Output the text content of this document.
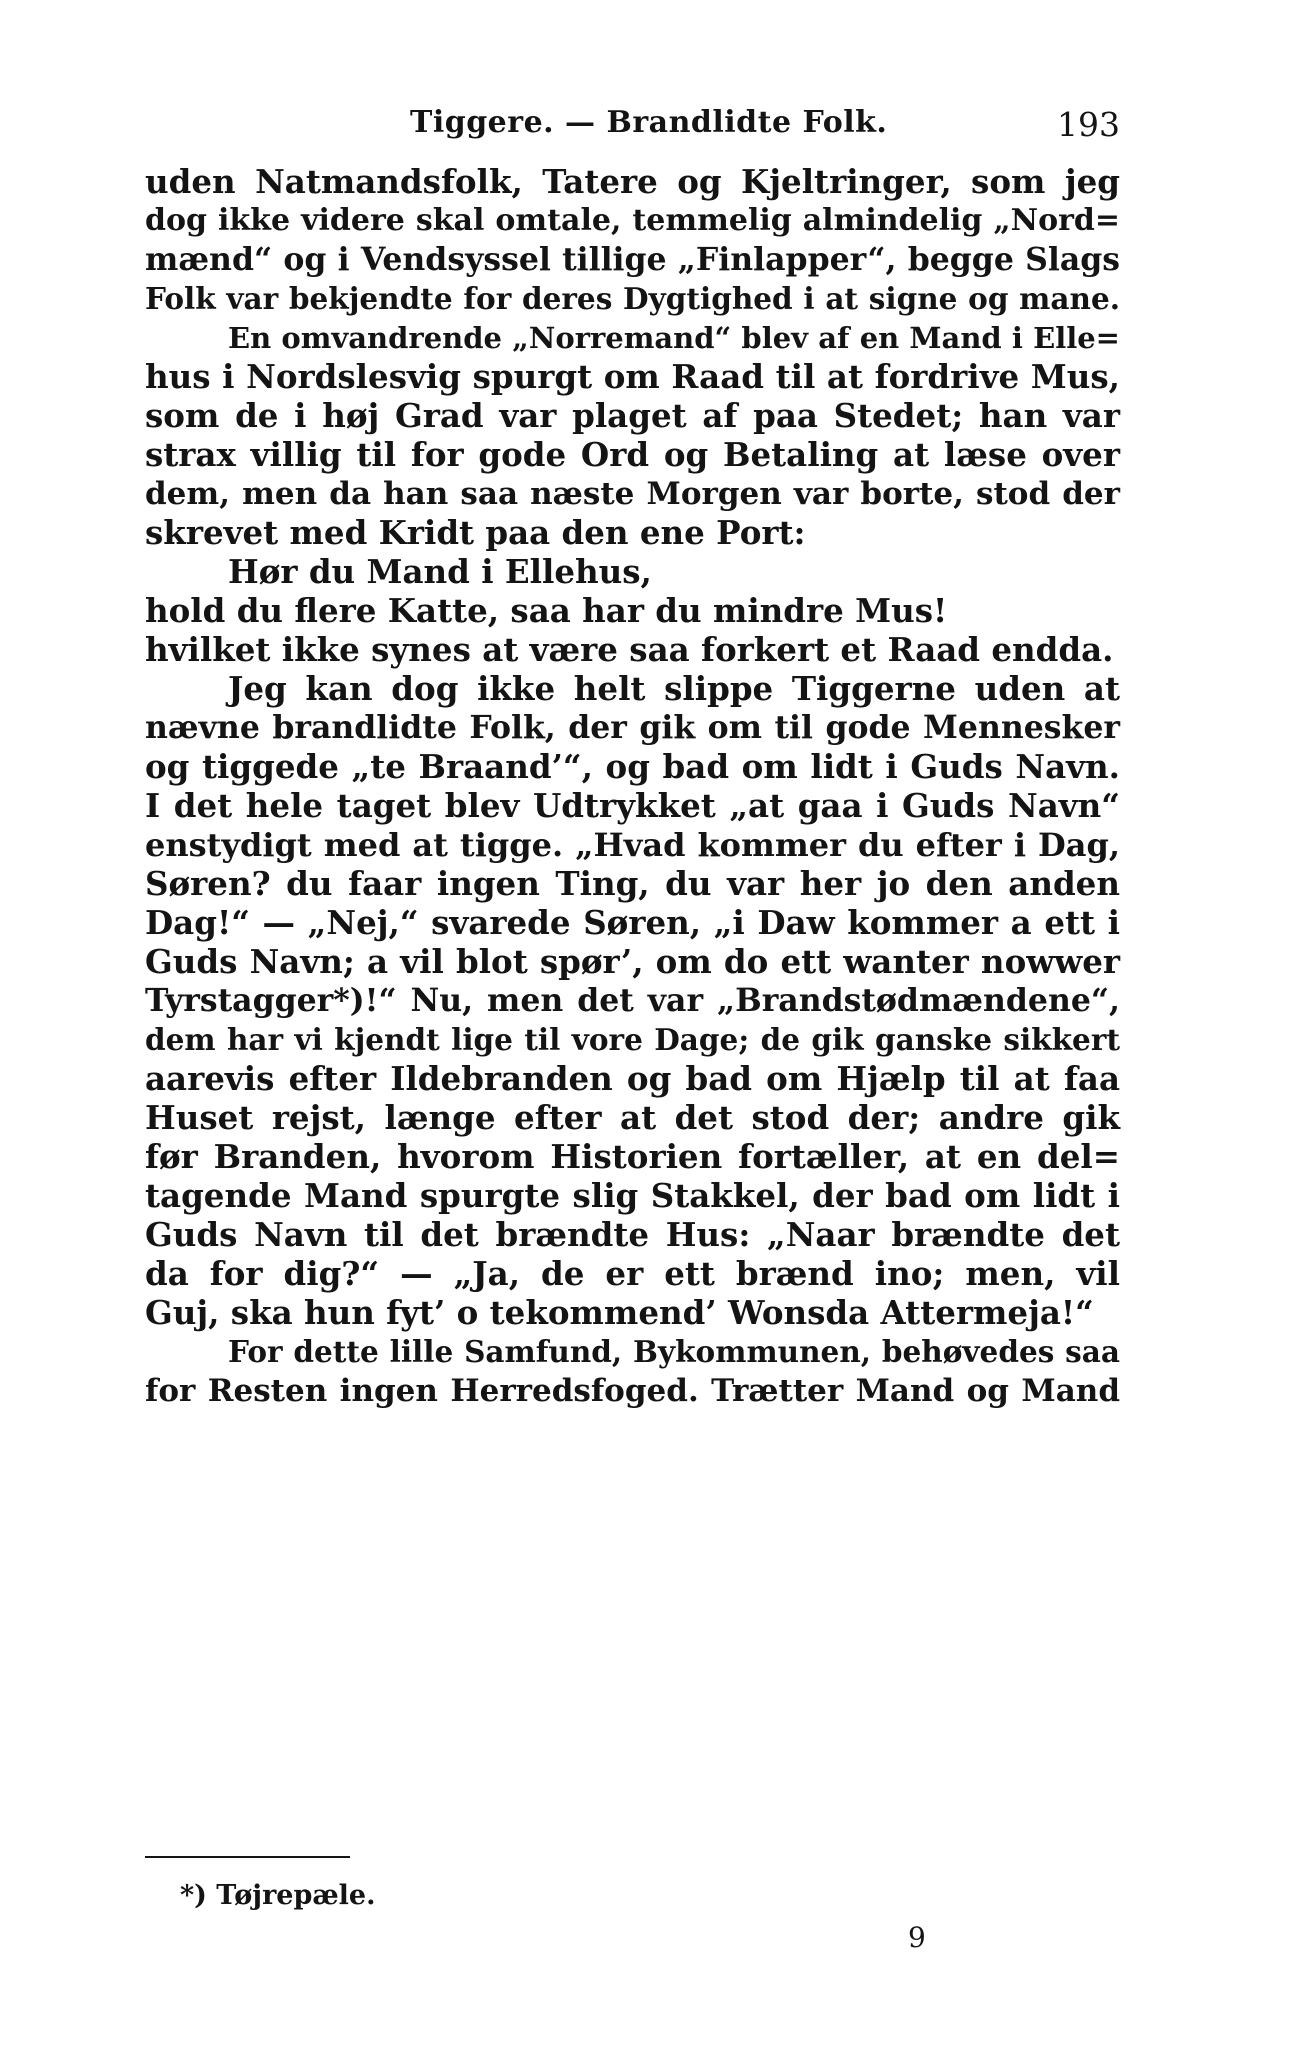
Tiggere. — Brandlidte Folk.	193
uden Natmandsfolk, Tatere og Kjeltringer, som jeg
dog ikke videre skal omtale, temmelig almindelig „Nord=
mænd“ og i Vendsyssel tillige „Finlapper“, begge Slags
Folk var bekjendte for deres Dygtighed i at signe og mane.
En omvandrende „Norremand“ blev af en Mand i Elle=
hus i Nordslesvig spurgt om Raad til at fordrive Mus,
som de i høj Grad var plaget af paa Stedet; han var
strax villig til for gode Ord og Betaling at læse over
dem, men da han saa næste Morgen var borte, stod der
skrevet med Kridt paa den ene Port:
Hør du Mand i Ellehus,
hold du flere Katte, saa har du mindre Mus!
hvilket ikke synes at være saa forkert et Raad endda.
Jeg kan dog ikke helt slippe Tiggerne uden at
nævne brandlidte Folk, der gik om til gode Mennesker
og tiggede „te Braand’“, og bad om lidt i Guds Navn.
I det hele taget blev Udtrykket „at gaa i Guds Navn“
enstydigt med at tigge. „Hvad kommer du efter i Dag,
Søren? du faar ingen Ting, du var her jo den anden
Dag!“ — „Nej,“ svarede Søren, „i Daw kommer a ett i
Guds Navn; a vil blot spør’, om do ett wanter nowwer
Tyrstagger*)!“ Nu, men det var „Brandstødmændene“,
dem har vi kjendt lige til vore Dage; de gik ganske sikkert
aarevis efter Ildebranden og bad om Hjælp til at faa
Huset rejst, længe efter at det stod der; andre gik
før Branden, hvorom Historien fortæller, at en del=
tagende Mand spurgte slig Stakkel, der bad om lidt i
Guds Navn til det brændte Hus: „Naar brændte det
da for dig?“ — „Ja, de er ett brænd ino; men, vil
Guj, ska hun fyt’ o tekommend’ Wonsda Attermeja!“
For dette lille Samfund, Bykommunen, behøvedes saa
for Resten ingen Herredsfoged. Trætter Mand og Mand
*) Tøjrepæle.
9
